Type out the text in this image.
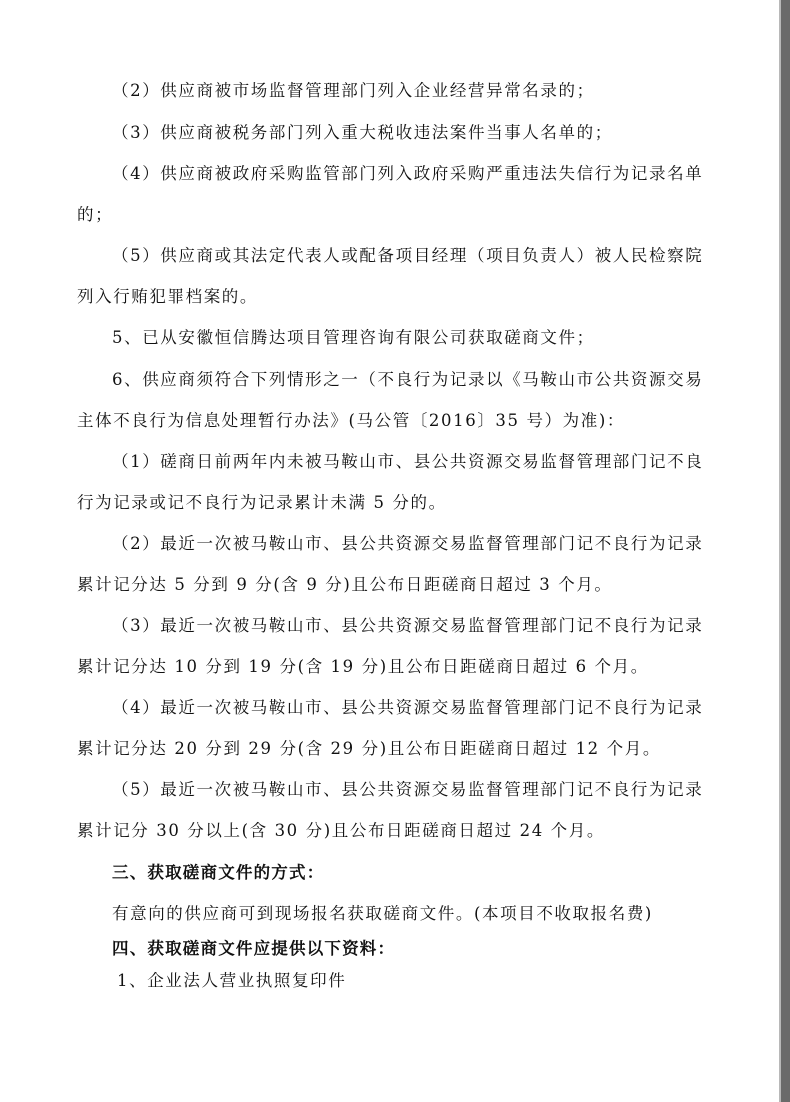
（2）供应商被市场监督管理部门列入企业经营异常名录的；
（3）供应商被税务部门列入重大税收违法案件当事人名单的；
（4）供应商被政府采购监管部门列入政府采购严重违法失信行为记录名单
的；
（5）供应商或其法定代表人或配备项目经理（项目负责人）被人民检察院
列入行贿犯罪档案的。
5、已从安徽恒信腾达项目管理咨询有限公司获取磋商文件；
6、供应商须符合下列情形之一（不良行为记录以《马鞍山市公共资源交易
主体不良行为信息处理暂行办法》(马公管〔2016〕35 号）为准)：
（1）磋商日前两年内未被马鞍山市、县公共资源交易监督管理部门记不良
行为记录或记不良行为记录累计未满 5 分的。
（2）最近一次被马鞍山市、县公共资源交易监督管理部门记不良行为记录
累计记分达 5 分到 9 分(含 9 分)且公布日距磋商日超过 3 个月。
（3）最近一次被马鞍山市、县公共资源交易监督管理部门记不良行为记录
累计记分达 10 分到 19 分(含 19 分)且公布日距磋商日超过 6 个月。
（4）最近一次被马鞍山市、县公共资源交易监督管理部门记不良行为记录
累计记分达 20 分到 29 分(含 29 分)且公布日距磋商日超过 12 个月。
（5）最近一次被马鞍山市、县公共资源交易监督管理部门记不良行为记录
累计记分 30 分以上(含 30 分)且公布日距磋商日超过 24 个月。
三、获取磋商文件的方式：
有意向的供应商可到现场报名获取磋商文件。(本项目不收取报名费)
四、获取磋商文件应提供以下资料：
1、企业法人营业执照复印件
